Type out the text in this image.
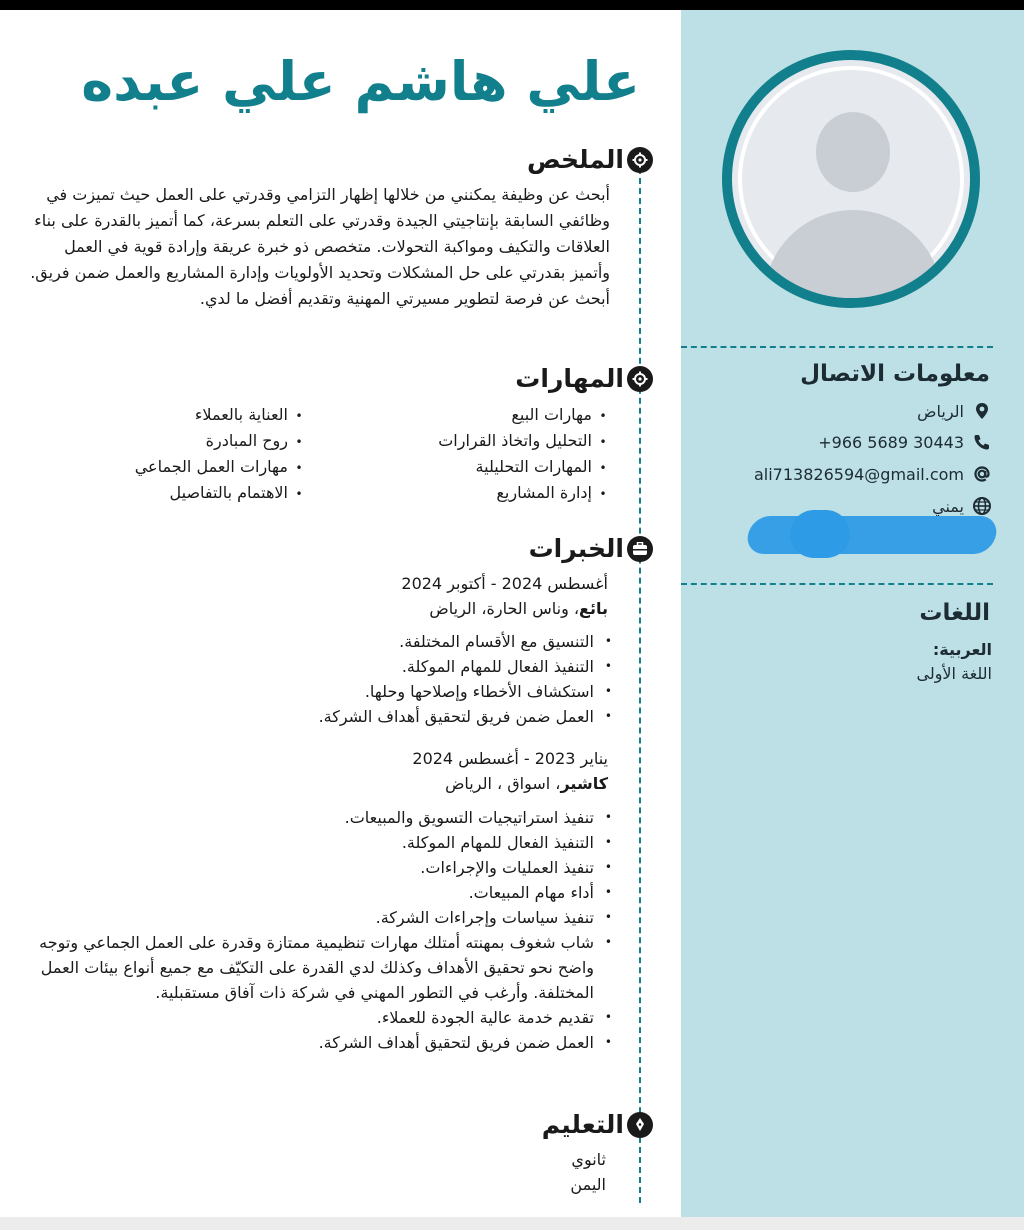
علي هاشم علي عبده
الملخص

أبحث عن وظيفة يمكنني من خلالها إظهار التزامي وقدرتي على العمل حيث تميزت في وظائفي السابقة بإنتاجيتي الجيدة وقدرتي على التعلم بسرعة، كما أتميز بالقدرة على بناء العلاقات والتكيف ومواكبة التحولات. متخصص ذو خبرة عريقة وإرادة قوية في العمل وأتميز بقدرتي على حل المشكلات وتحديد الأولويات وإدارة المشاريع والعمل ضمن فريق. أبحث عن فرصة لتطوير مسيرتي المهنية وتقديم أفضل ما لدي.

المهارات
• مهارات البيع
• التحليل واتخاذ القرارات
• المهارات التحليلية
• إدارة المشاريع
• العناية بالعملاء
• روح المبادرة
• مهارات العمل الجماعي
• الاهتمام بالتفاصيل
الخبرات
أغسطس 2024 - أكتوبر 2024
بائع، وناس الحارة، الرياض
• التنسيق مع الأقسام المختلفة.
• التنفيذ الفعال للمهام الموكلة.
• استكشاف الأخطاء وإصلاحها وحلها.
• العمل ضمن فريق لتحقيق أهداف الشركة.
يناير 2023 - أغسطس 2024
كاشير، اسواق ، الرياض
• تنفيذ استراتيجيات التسويق والمبيعات.
• التنفيذ الفعال للمهام الموكلة.
• تنفيذ العمليات والإجراءات.
• أداء مهام المبيعات.
• تنفيذ سياسات وإجراءات الشركة.
• شاب شغوف بمهنته أمتلك مهارات تنظيمية ممتازة وقدرة على العمل الجماعي وتوجه واضح نحو تحقيق الأهداف وكذلك لدي القدرة على التكيّف مع جميع أنواع بيئات العمل المختلفة. وأرغب في التطور المهني في شركة ذات آفاق مستقبلية.
• تقديم خدمة عالية الجودة للعملاء.
• العمل ضمن فريق لتحقيق أهداف الشركة.
التعليم
ثانوي
اليمن
معلومات الاتصال
الرياض
+966 5689 30443
ali713826594@gmail.com
يمني
اللغات
العربية:
اللغة الأولى
